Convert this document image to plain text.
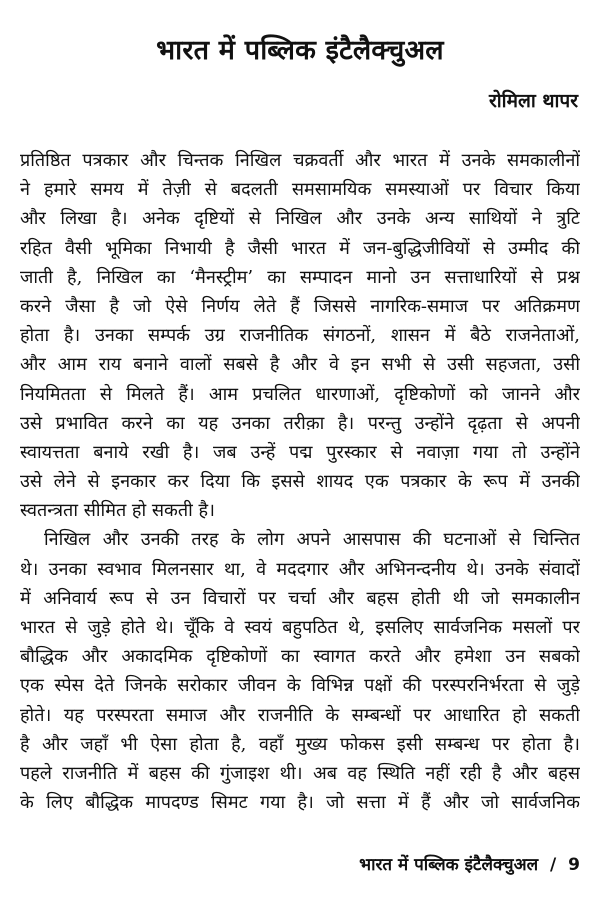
भारत में पब्लिक इंटैलैक्चुअल
रोमिला थापर
प्रतिष्ठित पत्रकार और चिन्तक निखिल चक्रवर्ती और भारत में उनके समकालीनों
ने हमारे समय में तेज़ी से बदलती समसामयिक समस्याओं पर विचार किया
और लिखा है। अनेक दृष्टियों से निखिल और उनके अन्य साथियों ने त्रुटि
रहित वैसी भूमिका निभायी है जैसी भारत में जन-बुद्धिजीवियों से उम्मीद की
जाती है, निखिल का ‘मैनस्ट्रीम’ का सम्पादन मानो उन सत्ताधारियों से प्रश्न
करने जैसा है जो ऐसे निर्णय लेते हैं जिससे नागरिक-समाज पर अतिक्रमण
होता है। उनका सम्पर्क उग्र राजनीतिक संगठनों, शासन में बैठे राजनेताओं,
और आम राय बनाने वालों सबसे है और वे इन सभी से उसी सहजता, उसी
नियमितता से मिलते हैं। आम प्रचलित धारणाओं, दृष्टिकोणों को जानने और
उसे प्रभावित करने का यह उनका तरीक़ा है। परन्तु उन्होंने दृढ़ता से अपनी
स्वायत्तता बनाये रखी है। जब उन्हें पद्म पुरस्कार से नवाज़ा गया तो उन्होंने
उसे लेने से इनकार कर दिया कि इससे शायद एक पत्रकार के रूप में उनकी
स्वतन्त्रता सीमित हो सकती है।
निखिल और उनकी तरह के लोग अपने आसपास की घटनाओं से चिन्तित
थे। उनका स्वभाव मिलनसार था, वे मददगार और अभिनन्दनीय थे। उनके संवादों
में अनिवार्य रूप से उन विचारों पर चर्चा और बहस होती थी जो समकालीन
भारत से जुड़े होते थे। चूँकि वे स्वयं बहुपठित थे, इसलिए सार्वजनिक मसलों पर
बौद्धिक और अकादमिक दृष्टिकोणों का स्वागत करते और हमेशा उन सबको
एक स्पेस देते जिनके सरोकार जीवन के विभिन्न पक्षों की परस्परनिर्भरता से जुड़े
होते। यह परस्परता समाज और राजनीति के सम्बन्धों पर आधारित हो सकती
है और जहाँ भी ऐसा होता है, वहाँ मुख्य फोकस इसी सम्बन्ध पर होता है।
पहले राजनीति में बहस की गुंजाइश थी। अब वह स्थिति नहीं रही है और बहस
के लिए बौद्धिक मापदण्ड सिमट गया है। जो सत्ता में हैं और जो सार्वजनिक
भारत में पब्लिक इंटैलैक्चुअल / 9
